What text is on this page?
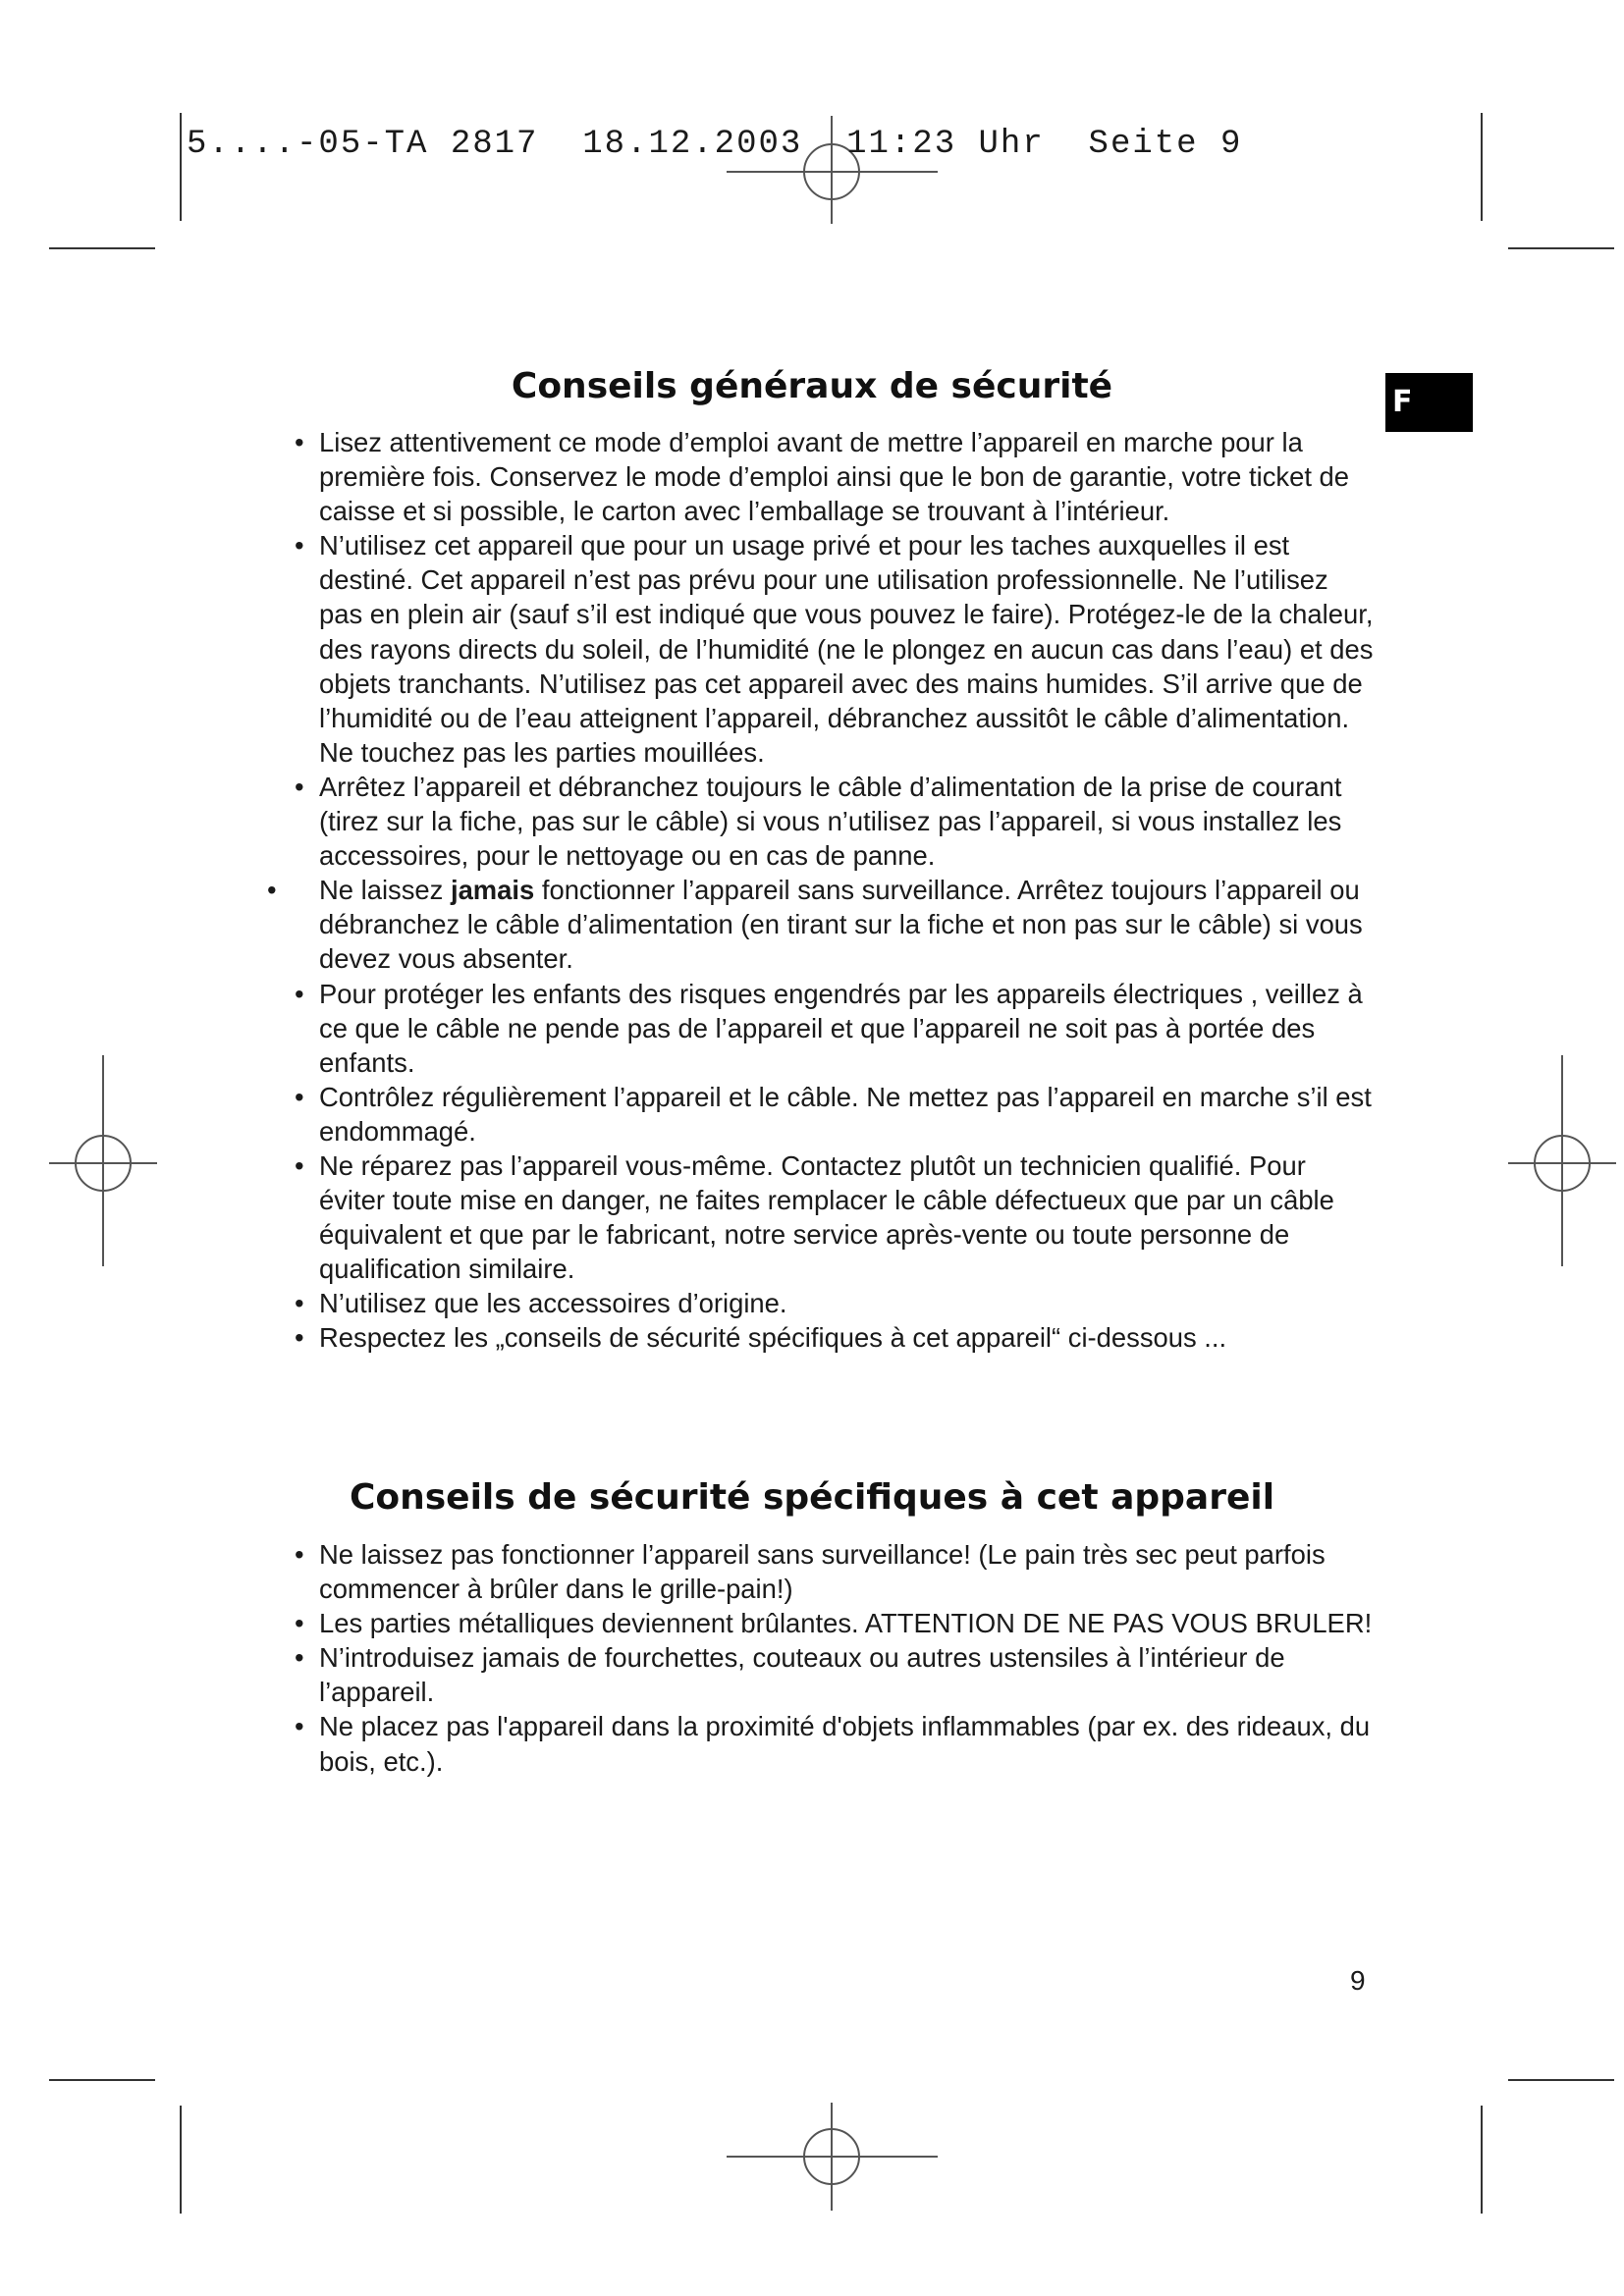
5....-05-TA 2817  18.12.2003  11:23 Uhr  Seite 9
F
Conseils généraux de sécurité
• Lisez attentivement ce mode d’emploi avant de mettre l’appareil en marche pour la première fois. Conservez le mode d’emploi ainsi que le bon de garantie, votre ticket de caisse et si possible, le carton avec l’emballage se trouvant à l’intérieur.
• N’utilisez cet appareil que pour un usage privé et pour les taches auxquelles il est destiné. Cet appareil n’est pas prévu pour une utilisation professionnelle. Ne l’utilisez pas en plein air (sauf s’il est indiqué que vous pouvez le faire). Protégez-le de la chaleur, des rayons directs du soleil, de l’humidité (ne le plongez en aucun cas dans l’eau) et des objets tranchants. N’utilisez pas cet appareil avec des mains humides. S’il arrive que de l’humidité ou de l’eau atteignent l’appareil, débranchez aussitôt le câble d’alimentation. Ne touchez pas les parties mouillées.
• Arrêtez l’appareil et débranchez toujours le câble d’alimentation de la prise de courant (tirez sur la fiche, pas sur le câble) si vous n’utilisez pas l’appareil, si vous installez les accessoires, pour le nettoyage ou en cas de panne.
• Ne laissez jamais fonctionner l’appareil sans surveillance. Arrêtez toujours l’appareil ou débranchez le câble d’alimentation (en tirant sur la fiche et non pas sur le câble) si vous devez vous absenter.
• Pour protéger les enfants des risques engendrés par les appareils électriques , veillez à ce que le câble ne pende pas de l’appareil et que l’appareil ne soit pas à portée des enfants.
• Contrôlez régulièrement l’appareil et le câble. Ne mettez pas l’appareil en marche s’il est endommagé.
• Ne réparez pas l’appareil vous-même. Contactez plutôt un technicien qualifié. Pour éviter toute mise en danger, ne faites remplacer le câble défectueux que par un câble équivalent et que par le fabricant, notre service après-vente ou toute personne de qualification similaire.
• N’utilisez que les accessoires d’origine.
• Respectez les „conseils de sécurité spécifiques à cet appareil“ ci-dessous ...
Conseils de sécurité spécifiques à cet appareil
• Ne laissez pas fonctionner l’appareil sans surveillance! (Le pain très sec peut parfois commencer à brûler dans le grille-pain!)
• Les parties métalliques deviennent brûlantes. ATTENTION DE NE PAS VOUS BRULER!
• N’introduisez jamais de fourchettes, couteaux ou autres ustensiles à l’intérieur de l’appareil.
• Ne placez pas l'appareil dans la proximité d'objets inflammables (par ex. des rideaux, du bois, etc.).
9
